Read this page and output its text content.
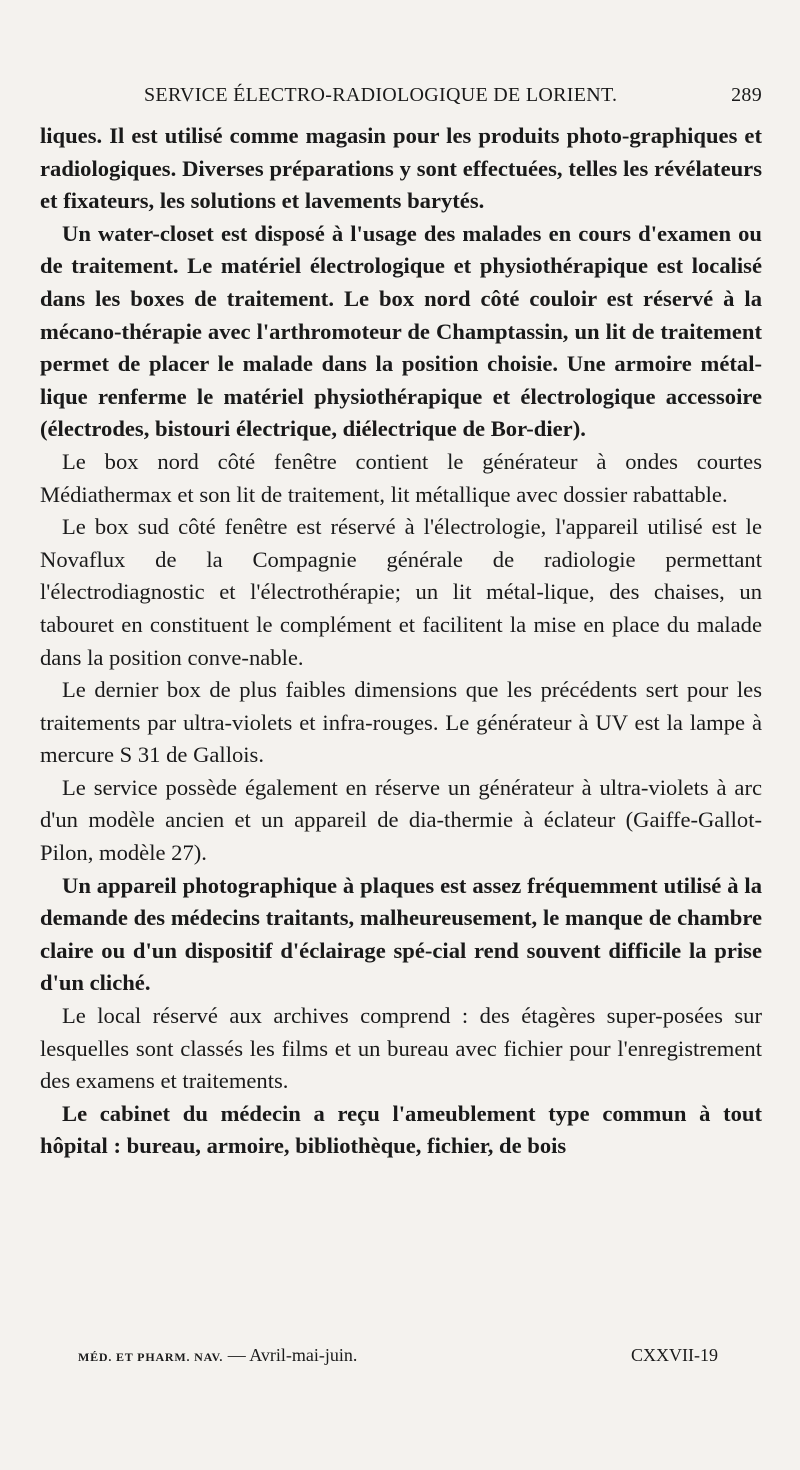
SERVICE ÉLECTRO-RADIOLOGIQUE DE LORIENT.	289

liques. Il est utilisé comme magasin pour les produits photo-graphiques et radiologiques. Diverses préparations y sont effectuées, telles les révélateurs et fixateurs, les solutions et lavements barytés.

Un water-closet est disposé à l'usage des malades en cours d'examen ou de traitement. Le matériel électrologique et physiothérapique est localisé dans les boxes de traitement. Le box nord côté couloir est réservé à la mécano-thérapie avec l'arthromoteur de Champtassin, un lit de traitement permet de placer le malade dans la position choisie. Une armoire métal-lique renferme le matériel physiothérapique et électrologique accessoire (électrodes, bistouri électrique, diélectrique de Bor-dier).

Le box nord côté fenêtre contient le générateur à ondes courtes Médiathermax et son lit de traitement, lit métallique avec dossier rabattable.

Le box sud côté fenêtre est réservé à l'électrologie, l'appareil utilisé est le Novaflux de la Compagnie générale de radiologie permettant l'électrodiagnostic et l'électrothérapie; un lit métal-lique, des chaises, un tabouret en constituent le complément et facilitent la mise en place du malade dans la position conve-nable.

Le dernier box de plus faibles dimensions que les précédents sert pour les traitements par ultra-violets et infra-rouges. Le générateur à UV est la lampe à mercure S 31 de Gallois.

Le service possède également en réserve un générateur à ultra-violets à arc d'un modèle ancien et un appareil de dia-thermie à éclateur (Gaiffe-Gallot-Pilon, modèle 27).

Un appareil photographique à plaques est assez fréquemment utilisé à la demande des médecins traitants, malheureusement, le manque de chambre claire ou d'un dispositif d'éclairage spé-cial rend souvent difficile la prise d'un cliché.

Le local réservé aux archives comprend : des étagères super-posées sur lesquelles sont classés les films et un bureau avec fichier pour l'enregistrement des examens et traitements.

Le cabinet du médecin a reçu l'ameublement type commun à tout hôpital : bureau, armoire, bibliothèque, fichier, de bois

MÉD. ET PHARM. NAV. — Avril-mai-juin.	CXXVII-19
